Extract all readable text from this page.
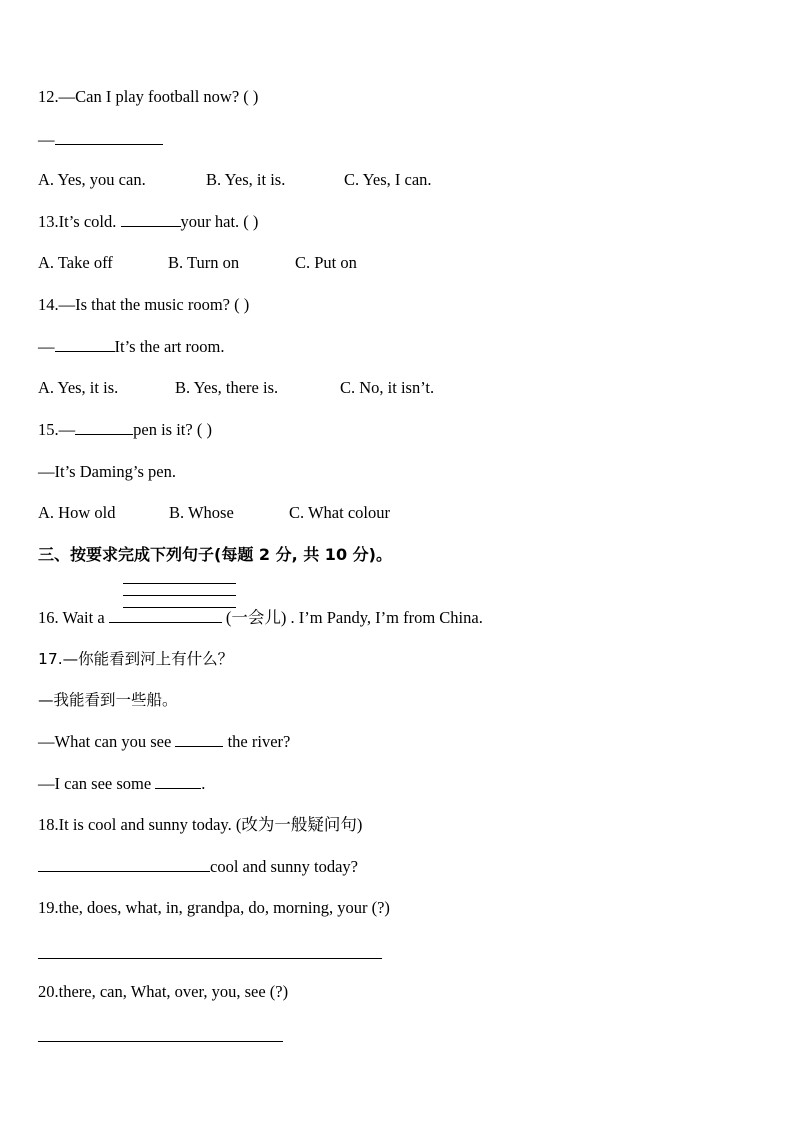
12.—Can I play football now? ( )
—
A. Yes, you can.	B. Yes, it is.	C. Yes, I can.
13.It’s cold.	your hat. ( )
A. Take off	B. Turn on	C. Put on
14.—Is that the music room? ( )
—	It’s the art room.
A. Yes, it is.	B. Yes, there is.	C. No, it isn’t.
15.—	pen is it? ( )
—It’s Daming’s pen.
A. How old	B. Whose	C. What colour
三、按要求完成下列句子(每题 2 分, 共 10 分)。
16. Wait a	(一会儿) . I’m Pandy, I’m from China.
17.—你能看到河上有什么？
—我能看到一些船。
—What can you see	the river?
—I can see some	.
18.It is cool and sunny today. (改为一般疑问句)
cool and sunny today?
19.the, does, what, in, grandpa, do, morning, your (?)
20.there, can, What, over, you, see (?)
